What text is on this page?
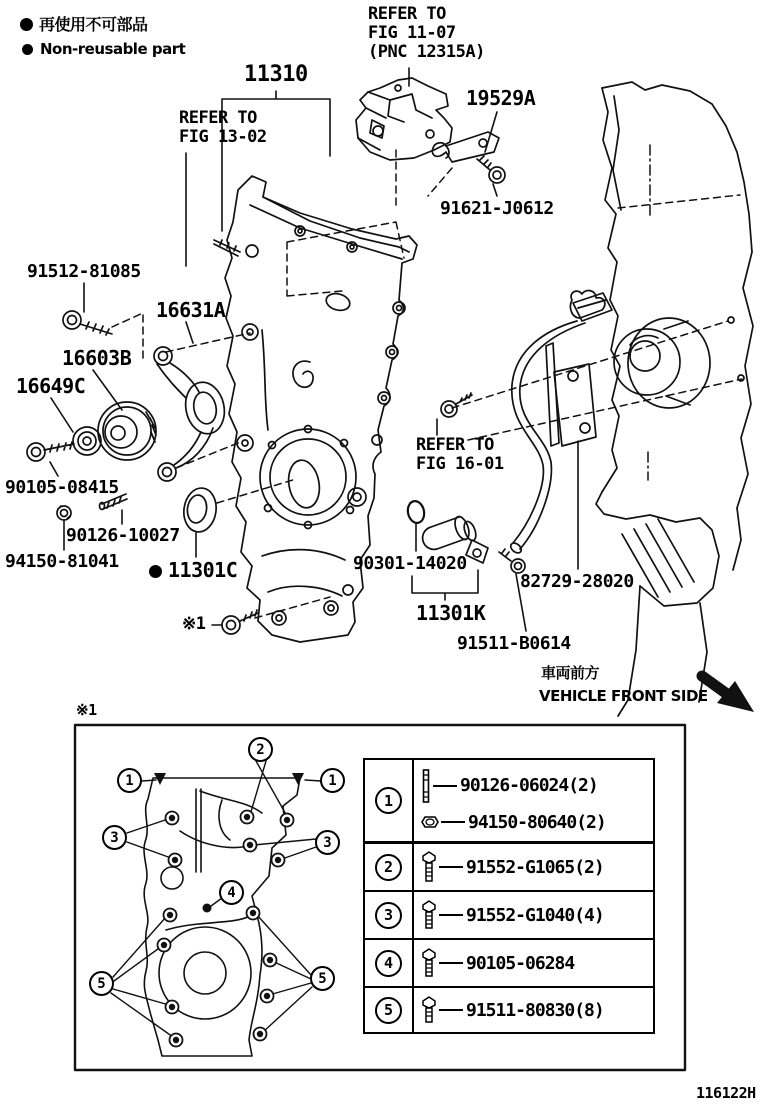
再使用不可部品
Non-reusable part
REFER TO
FIG 11-07
(PNC 12315A)
11310
REFER TO
FIG 13-02
19529A
91621-J0612
91512-81085
16631A
16603B
16649C
90105-08415
90126-10027
94150-81041	11301C
REFER TO
FIG 16-01
90301-14020
11301K
82729-28020
91511-B0614
※1
車両前方
VEHICLE FRONT SIDE
※1
116122H
1	1
2
3	3
4
5	5
1
90126-06024(2)
94150-80640(2)
2	91552-G1065(2)
3	91552-G1040(4)
4	90105-06284
5	91511-80830(8)
